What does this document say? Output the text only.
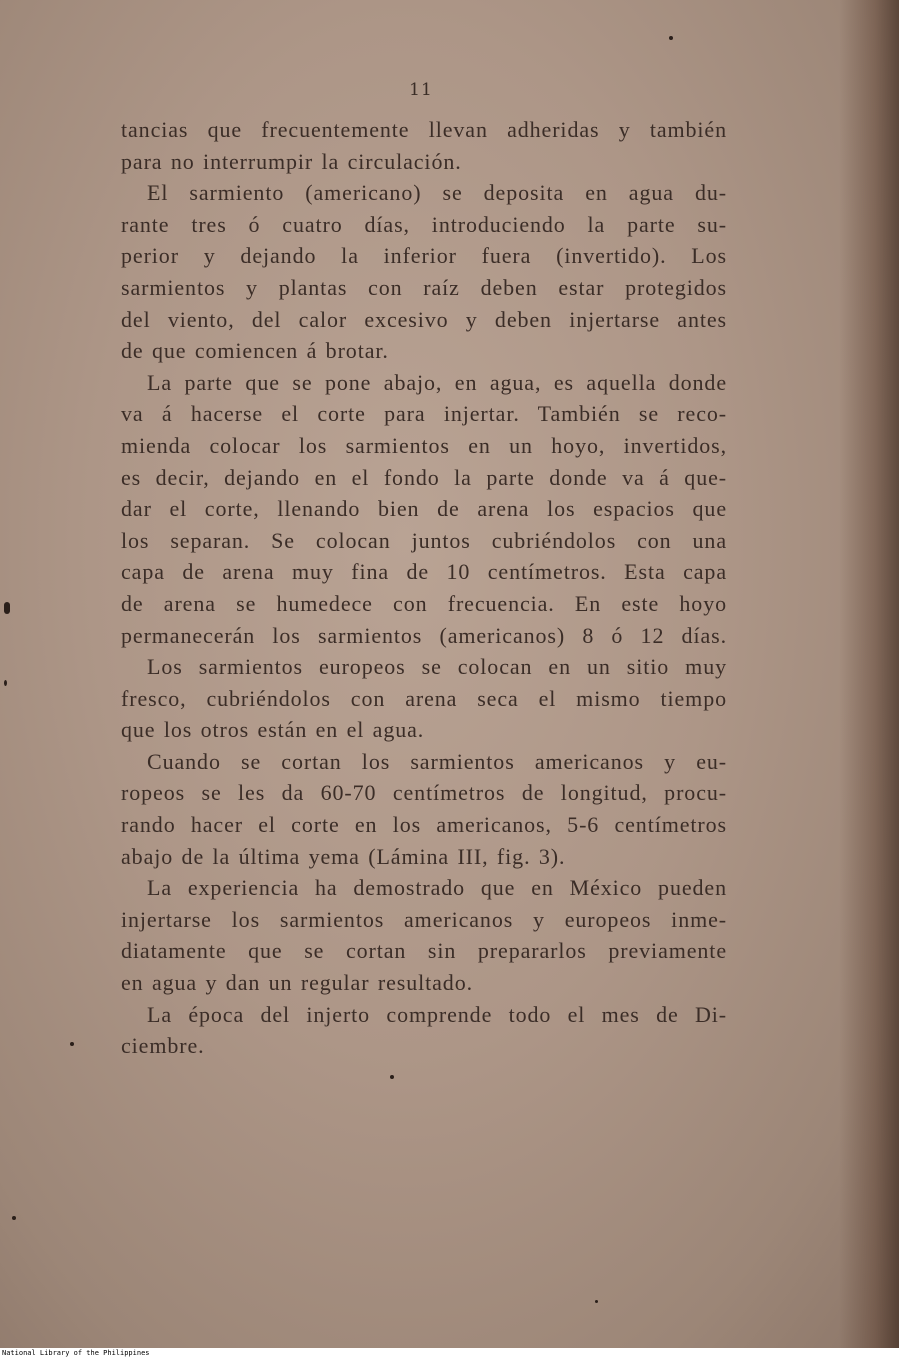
11
tancias que frecuentemente llevan adheridas y también
para no interrumpir la circulación.
El sarmiento (americano) se deposita en agua du-
rante tres ó cuatro días, introduciendo la parte su-
perior y dejando la inferior fuera (invertido). Los
sarmientos y plantas con raíz deben estar protegidos
del viento, del calor excesivo y deben injertarse antes
de que comiencen á brotar.
La parte que se pone abajo, en agua, es aquella donde
va á hacerse el corte para injertar. También se reco-
mienda colocar los sarmientos en un hoyo, invertidos,
es decir, dejando en el fondo la parte donde va á que-
dar el corte, llenando bien de arena los espacios que
los separan. Se colocan juntos cubriéndolos con una
capa de arena muy fina de 10 centímetros. Esta capa
de arena se humedece con frecuencia. En este hoyo
permanecerán los sarmientos (americanos) 8 ó 12 días.
Los sarmientos europeos se colocan en un sitio muy
fresco, cubriéndolos con arena seca el mismo tiempo
que los otros están en el agua.
Cuando se cortan los sarmientos americanos y eu-
ropeos se les da 60-70 centímetros de longitud, procu-
rando hacer el corte en los americanos, 5-6 centímetros
abajo de la última yema (Lámina III, fig. 3).
La experiencia ha demostrado que en México pueden
injertarse los sarmientos americanos y europeos inme-
diatamente que se cortan sin prepararlos previamente
en agua y dan un regular resultado.
La época del injerto comprende todo el mes de Di-
ciembre.
National Library of the Philippines
